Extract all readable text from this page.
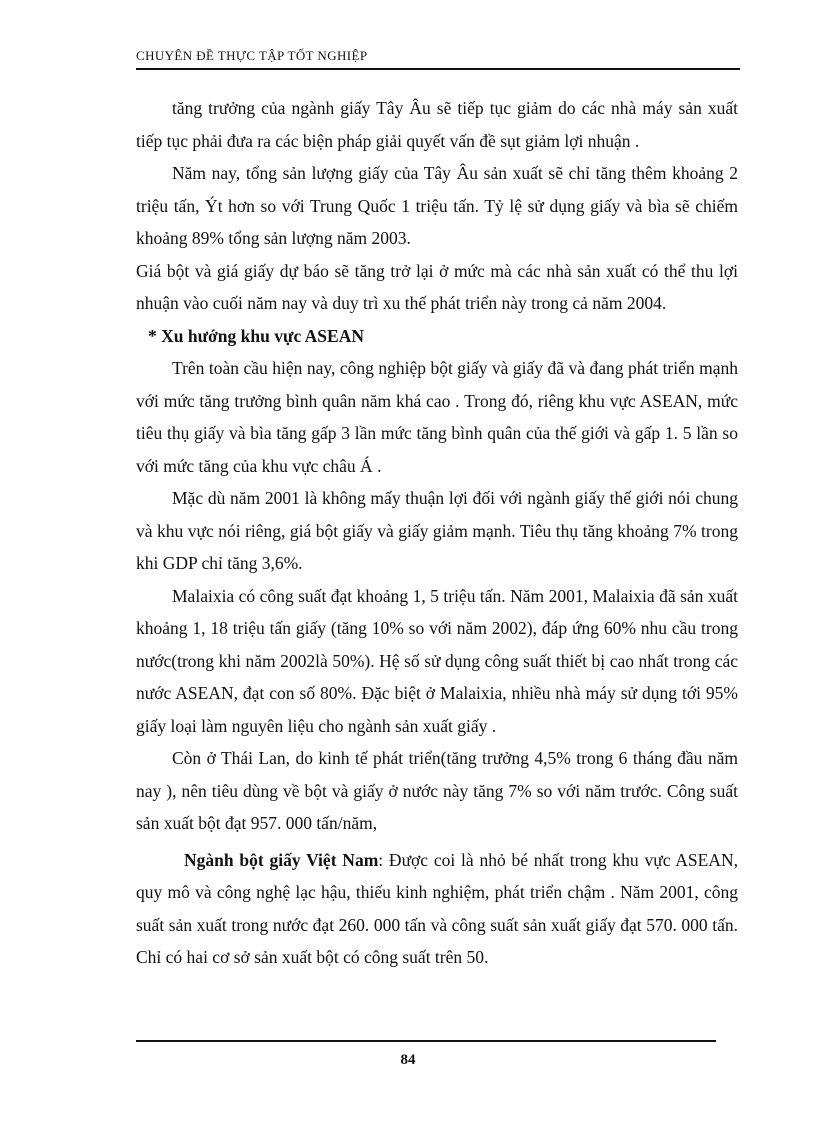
CHUYÊN ĐỀ THỰC TẬP TỐT NGHIỆP

tăng trưởng của ngành giấy Tây Âu sẽ tiếp tục giảm do các nhà máy sản xuất tiếp tục phải đưa ra các biện pháp giải quyết vấn đề sụt giảm lợi nhuận .

Năm nay, tổng sản lượng giấy của Tây Âu sản xuất sẽ chỉ tăng thêm khoảng 2 triệu tấn, Ýt hơn so với Trung Quốc 1 triệu tấn. Tỷ lệ sử dụng giấy và bìa sẽ chiếm khoảng 89% tổng sản lượng năm 2003.

Giá bột và giá giấy dự báo sẽ tăng trở lại ở mức mà các nhà sản xuất có thể thu lợi nhuận vào cuối năm nay và duy trì xu thế phát triển này trong cả năm 2004.

* Xu hướng khu vực ASEAN

Trên toàn cầu hiện nay, công nghiệp bột giấy và giấy đã và đang phát triển mạnh với mức tăng trưởng bình quân năm khá cao . Trong đó, riêng khu vực ASEAN, mức tiêu thụ giấy và bìa tăng gấp 3 lần mức tăng bình quân của thế giới và gấp 1. 5 lần so với mức tăng của khu vực châu Á .

Mặc dù năm 2001 là không mấy thuận lợi đối với ngành giấy thế giới nói chung và khu vực nói riêng, giá bột giấy và giấy giảm mạnh. Tiêu thụ tăng khoảng 7% trong khi GDP chỉ tăng 3,6%.

Malaixia có công suất đạt khoảng 1, 5 triệu tấn. Năm 2001, Malaixia đã sản xuất khoảng 1, 18 triệu tấn giấy (tăng 10% so với năm 2002), đáp ứng 60% nhu cầu trong nước(trong khi năm 2002là 50%). Hệ số sử dụng công suất thiết bị cao nhất trong các nước ASEAN, đạt con số 80%. Đặc biệt ở Malaixia, nhiều nhà máy sử dụng tới 95% giấy loại làm nguyên liệu cho ngành sản xuất giấy .

Còn ở Thái Lan, do kinh tế phát triển(tăng trưởng 4,5% trong 6 tháng đầu năm nay ), nên tiêu dùng về bột và giấy ở nước này tăng 7% so với năm trước. Công suất sản xuất bột đạt 957. 000 tấn/năm,

Ngành bột giấy Việt Nam: Được coi là nhỏ bé nhất trong khu vực ASEAN, quy mô và công nghệ lạc hậu, thiếu kinh nghiệm, phát triển chậm . Năm 2001, công suất sản xuất trong nước đạt 260. 000 tấn và công suất sản xuất giấy đạt 570. 000 tấn. Chỉ có hai cơ sở sản xuất bột có công suất trên 50.

84
